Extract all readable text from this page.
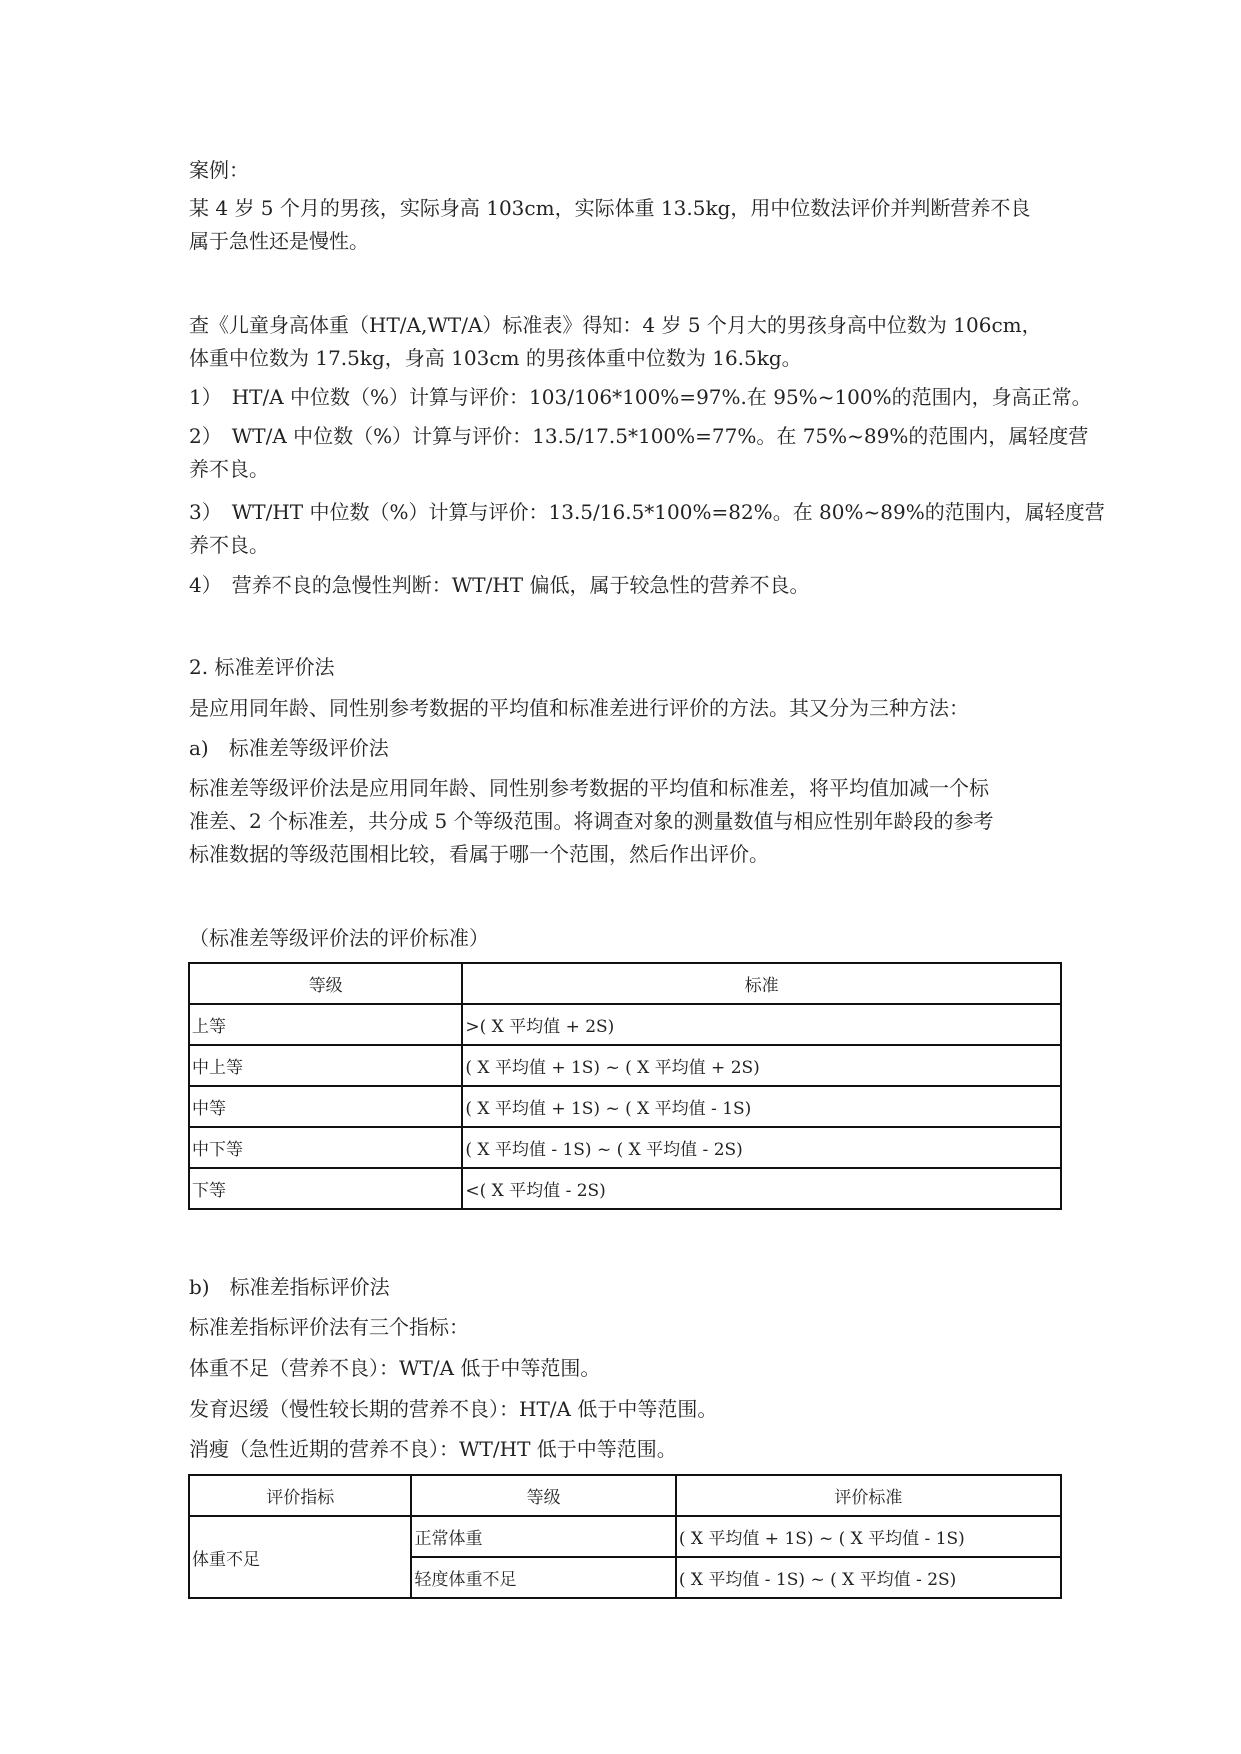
案例：
某 4 岁 5 个月的男孩，实际身高 103cm，实际体重 13.5kg，用中位数法评价并判断营养不良
属于急性还是慢性。
查《儿童身高体重（HT/A,WT/A）标准表》得知：4 岁 5 个月大的男孩身高中位数为 106cm，
体重中位数为 17.5kg，身高 103cm 的男孩体重中位数为 16.5kg。
1）　HT/A 中位数（%）计算与评价：103/106*100%=97%.在 95%~100%的范围内，身高正常。
2）　WT/A 中位数（%）计算与评价：13.5/17.5*100%=77%。在 75%~89%的范围内，属轻度营
养不良。
3）　WT/HT 中位数（%）计算与评价：13.5/16.5*100%=82%。在 80%~89%的范围内，属轻度营
养不良。
4）　营养不良的急慢性判断：WT/HT 偏低，属于较急性的营养不良。
2. 标准差评价法
是应用同年龄、同性别参考数据的平均值和标准差进行评价的方法。其又分为三种方法：
a)　标准差等级评价法
标准差等级评价法是应用同年龄、同性别参考数据的平均值和标准差，将平均值加减一个标
准差、2 个标准差，共分成 5 个等级范围。将调查对象的测量数值与相应性别年龄段的参考
标准数据的等级范围相比较，看属于哪一个范围，然后作出评价。
（标准差等级评价法的评价标准）
等级	标准
上等	>( X 平均值 + 2S)
中上等	( X 平均值 + 1S) ~ ( X 平均值 + 2S)
中等	( X 平均值 + 1S) ~ ( X 平均值 - 1S)
中下等	( X 平均值 - 1S) ~ ( X 平均值 - 2S)
下等	<( X 平均值 - 2S)
b)　标准差指标评价法
标准差指标评价法有三个指标：
体重不足（营养不良）：WT/A 低于中等范围。
发育迟缓（慢性较长期的营养不良）：HT/A 低于中等范围。
消瘦（急性近期的营养不良）：WT/HT 低于中等范围。
评价指标	等级	评价标准
体重不足	正常体重	( X 平均值 + 1S) ~ ( X 平均值 - 1S)
	轻度体重不足	( X 平均值 - 1S) ~ ( X 平均值 - 2S)
